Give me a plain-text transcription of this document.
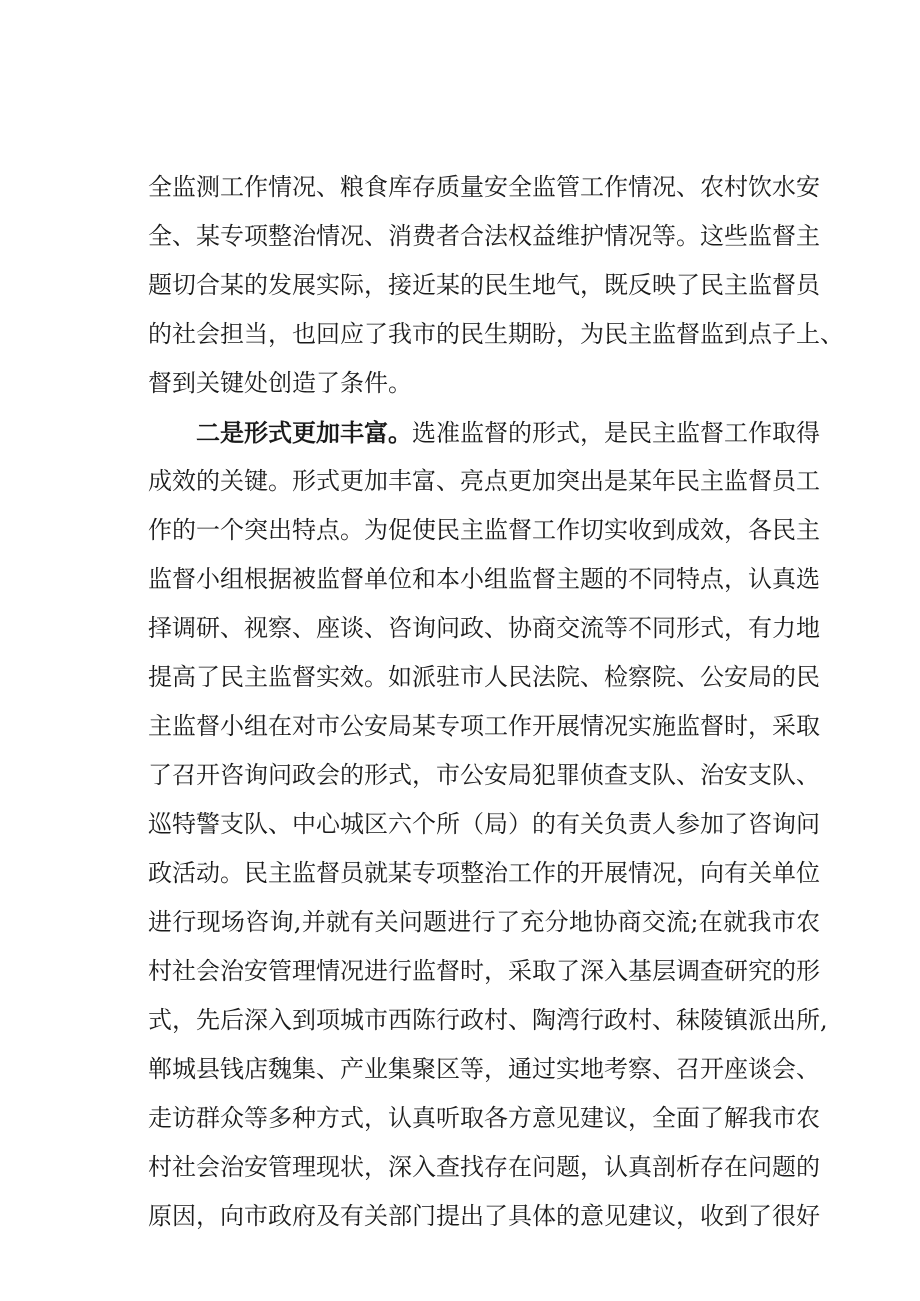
全监测工作情况、粮食库存质量安全监管工作情况、农村饮水安
全、某专项整治情况、消费者合法权益维护情况等。这些监督主
题切合某的发展实际，接近某的民生地气，既反映了民主监督员
的社会担当，也回应了我市的民生期盼，为民主监督监到点子上、
督到关键处创造了条件。
二是形式更加丰富。选准监督的形式，是民主监督工作取得
成效的关键。形式更加丰富、亮点更加突出是某年民主监督员工
作的一个突出特点。为促使民主监督工作切实收到成效，各民主
监督小组根据被监督单位和本小组监督主题的不同特点，认真选
择调研、视察、座谈、咨询问政、协商交流等不同形式，有力地
提高了民主监督实效。如派驻市人民法院、检察院、公安局的民
主监督小组在对市公安局某专项工作开展情况实施监督时，采取
了召开咨询问政会的形式，市公安局犯罪侦查支队、治安支队、
巡特警支队、中心城区六个所（局）的有关负责人参加了咨询问
政活动。民主监督员就某专项整治工作的开展情况，向有关单位
进行现场咨询,并就有关问题进行了充分地协商交流;在就我市农
村社会治安管理情况进行监督时，采取了深入基层调查研究的形
式，先后深入到项城市西陈行政村、陶湾行政村、秣陵镇派出所,
郸城县钱店魏集、产业集聚区等，通过实地考察、召开座谈会、
走访群众等多种方式，认真听取各方意见建议，全面了解我市农
村社会治安管理现状，深入查找存在问题，认真剖析存在问题的
原因，向市政府及有关部门提出了具体的意见建议，收到了很好
